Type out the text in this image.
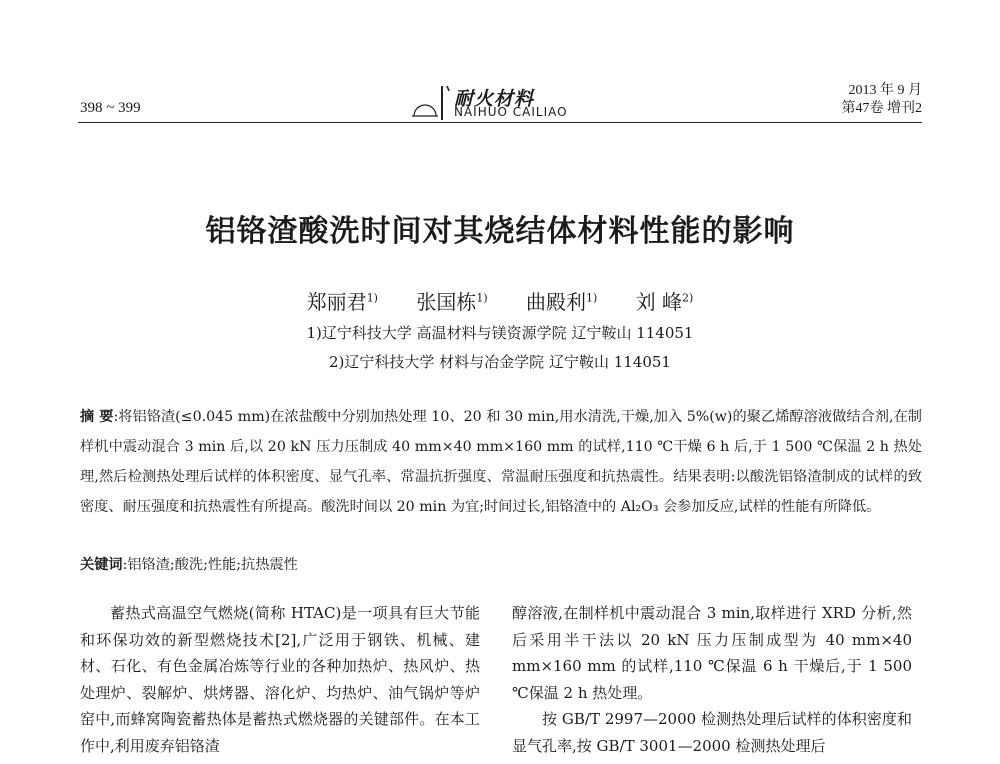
398 ~ 399	耐火材料
NAIHUO CAILIAO
2013 年 9 月
第47卷 增刊2
铝铬渣酸洗时间对其烧结体材料性能的影响
郑丽君$^{1)}$ 张国栋$^{1)}$ 曲殿利$^{1)}$ 刘 峰$^{2)}$
1)辽宁科技大学 高温材料与镁资源学院 辽宁鞍山 114051
2)辽宁科技大学 材料与冶金学院 辽宁鞍山 114051

摘 要:将铝铬渣(≤0.045 mm)在浓盐酸中分别加热处理 10、20 和 30 min,用水清洗,干燥,加入 5%(w)的聚乙烯醇溶液做结合剂,在制样机中震动混合 3 min 后,以 20 kN 压力压制成 40 mm×40 mm×160 mm 的试样,110 ℃干燥 6 h 后,于 1 500 ℃保温 2 h 热处理,然后检测热处理后试样的体积密度、显气孔率、常温抗折强度、常温耐压强度和抗热震性。结果表明:以酸洗铝铬渣制成的试样的致密度、耐压强度和抗热震性有所提高。酸洗时间以 20 min 为宜;时间过长,铝铬渣中的 Al₂O₃ 会参加反应,试样的性能有所降低。

关键词:铝铬渣;酸洗;性能;抗热震性

蓄热式高温空气燃烧(简称 HTAC)是一项具有巨大节能和环保功效的新型燃烧技术[2],广泛用于钢铁、机械、建材、石化、有色金属冶炼等行业的各种加热炉、热风炉、热处理炉、裂解炉、烘烤器、溶化炉、均热炉、油气锅炉等炉窑中,而蜂窝陶瓷蓄热体是蓄热式燃烧器的关键部件。在本工作中,利用废弃铝铬渣

醇溶液,在制样机中震动混合 3 min,取样进行 XRD 分析,然后采用半干法以 20 kN 压力压制成型为 40 mm×40 mm×160 mm 的试样,110 ℃保温 6 h 干燥后,于 1 500 ℃保温 2 h 热处理。

按 GB/T 2997—2000 检测热处理后试样的体积密度和显气孔率,按 GB/T 3001—2000 检测热处理后
